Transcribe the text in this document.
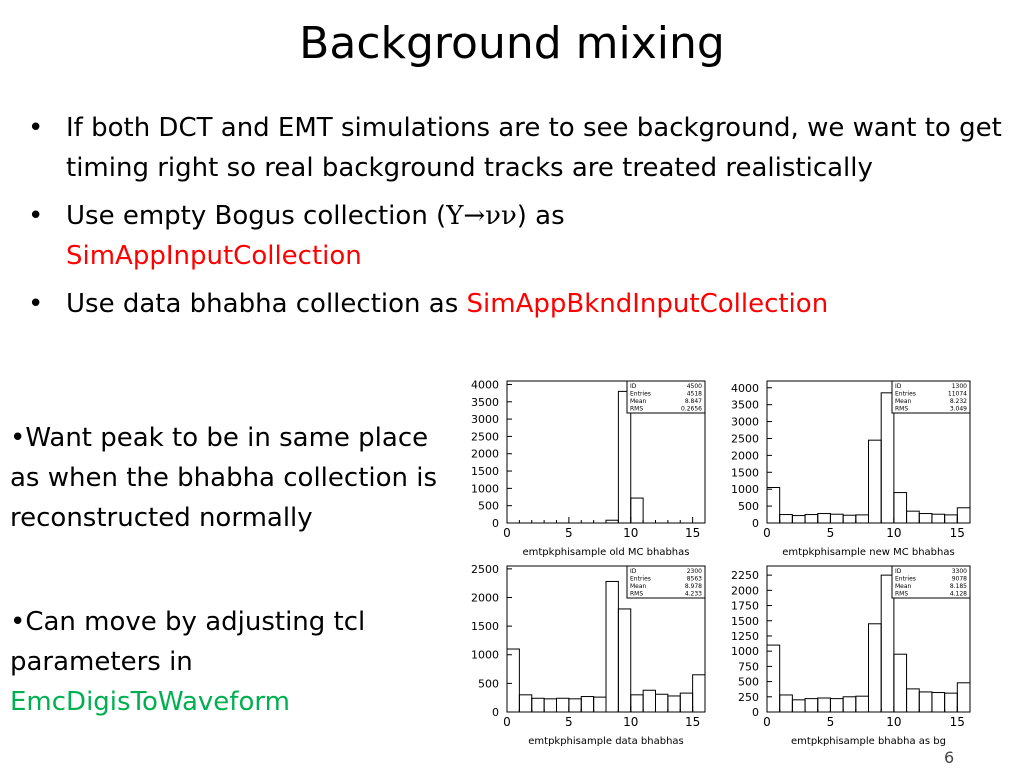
Background mixing
• If both DCT and EMT simulations are to see background, we want to get timing right so real background tracks are treated realistically
• Use empty Bogus collection (Υ→νν) as
SimAppInputCollection
• Use data bhabha collection as SimAppBkndInputCollection

•Want peak to be in same place as when the bhabha collection is reconstructed normally

•Can move by adjusting tcl parameters in
EmcDigisToWaveform

0
500
1000
1500
2000
2500
3000
3500
4000
0	5	10	15
emtpkphisample old MC bhabhas
ID	4500
Entries	4518
Mean	8.847
RMS	0.2656
0
500
1000
1500
2000
2500
3000
3500
4000
0	5	10	15
emtpkphisample new MC bhabhas
ID	1300
Entries	11074
Mean	8.232
RMS	3.049
0
500
1000
1500
2000
2500
0	5	10	15
emtpkphisample data bhabhas
ID	2300
Entries	8563
Mean	8.978
RMS	4.233
0
250
500
750
1000
1250
1500
1750
2000
2250
0	5	10	15
emtpkphisample bhabha as bg
ID	3300
Entries	9078
Mean	8.185
RMS	4.128
6
